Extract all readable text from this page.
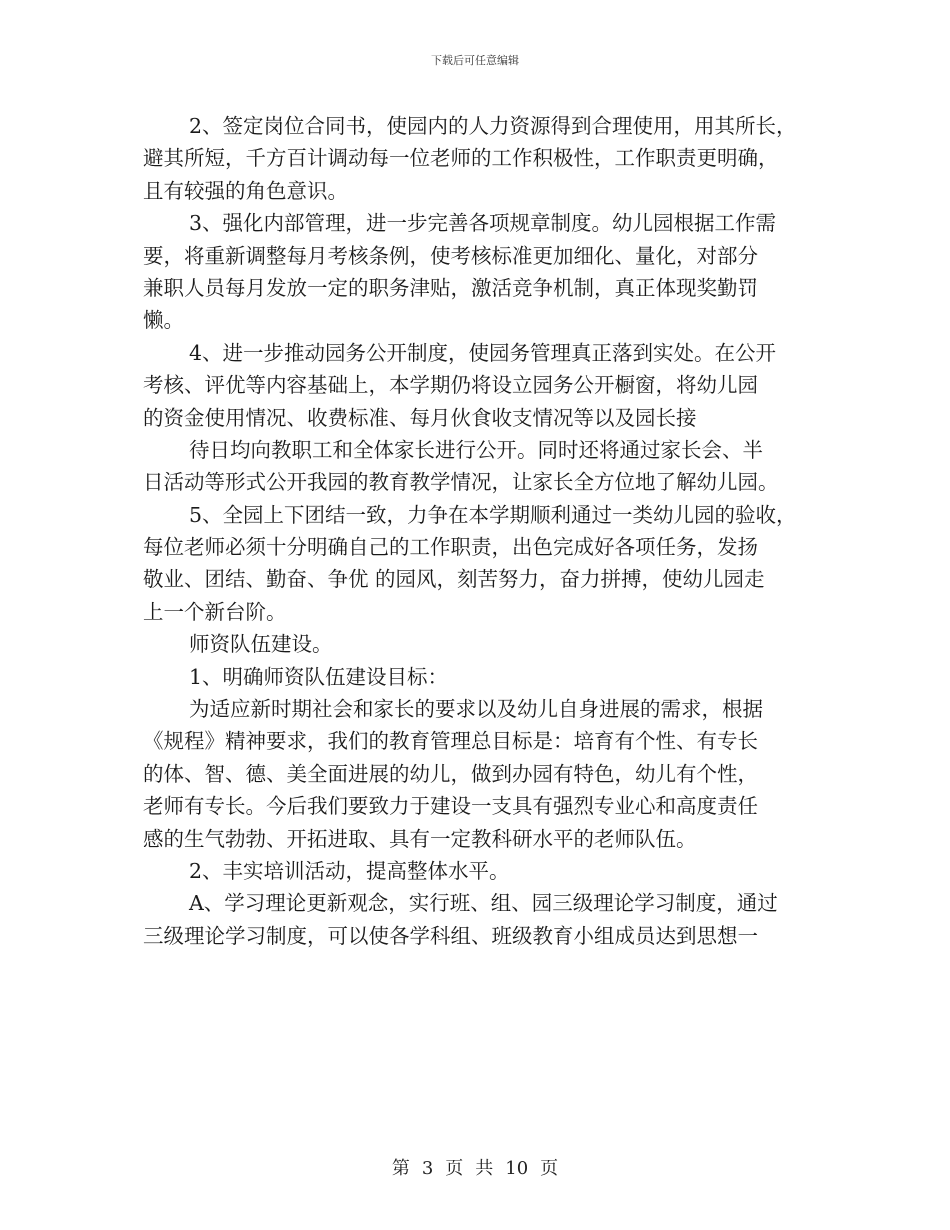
下载后可任意编辑
2、签定岗位合同书，使园内的人力资源得到合理使用，用其所长，
避其所短，千方百计调动每一位老师的工作积极性，工作职责更明确，
且有较强的角色意识。
3、强化内部管理，进一步完善各项规章制度。幼儿园根据工作需
要，将重新调整每月考核条例，使考核标准更加细化、量化，对部分
兼职人员每月发放一定的职务津贴，激活竞争机制，真正体现奖勤罚
懒。
4、进一步推动园务公开制度，使园务管理真正落到实处。在公开
考核、评优等内容基础上，本学期仍将设立园务公开橱窗，将幼儿园
的资金使用情况、收费标准、每月伙食收支情况等以及园长接
待日均向教职工和全体家长进行公开。同时还将通过家长会、半
日活动等形式公开我园的教育教学情况，让家长全方位地了解幼儿园。
5、全园上下团结一致，力争在本学期顺利通过一类幼儿园的验收，
每位老师必须十分明确自己的工作职责，出色完成好各项任务，发扬
敬业、团结、勤奋、争优 的园风，刻苦努力，奋力拼搏，使幼儿园走
上一个新台阶。
师资队伍建设。
1、明确师资队伍建设目标：
为适应新时期社会和家长的要求以及幼儿自身进展的需求，根据
《规程》精神要求，我们的教育管理总目标是：培育有个性、有专长
的体、智、德、美全面进展的幼儿，做到办园有特色，幼儿有个性，
老师有专长。今后我们要致力于建设一支具有强烈专业心和高度责任
感的生气勃勃、开拓进取、具有一定教科研水平的老师队伍。
2、丰实培训活动，提高整体水平。
A、学习理论更新观念，实行班、组、园三级理论学习制度，通过
三级理论学习制度，可以使各学科组、班级教育小组成员达到思想一
第 3 页 共 10 页
